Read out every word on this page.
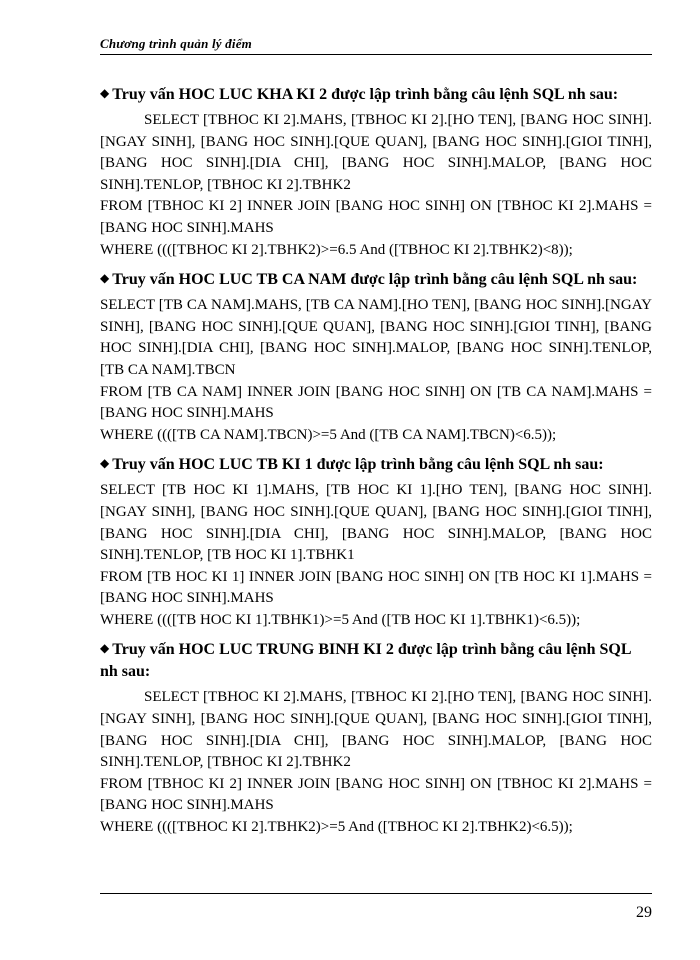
Chương trình quản lý điểm
◆ Truy vấn HOC LUC KHA KI 2 được lập trình bằng câu lệnh SQL nh sau:

SELECT [TBHOC KI 2].MAHS, [TBHOC KI 2].[HO TEN], [BANG HOC SINH].[NGAY SINH], [BANG HOC SINH].[QUE QUAN], [BANG HOC SINH].[GIOI TINH], [BANG HOC SINH].[DIA CHI], [BANG HOC SINH].MALOP, [BANG HOC SINH].TENLOP, [TBHOC KI 2].TBHK2

FROM [TBHOC KI 2] INNER JOIN [BANG HOC SINH] ON [TBHOC KI 2].MAHS = [BANG HOC SINH].MAHS

WHERE ((([TBHOC KI 2].TBHK2)>=6.5 And ([TBHOC KI 2].TBHK2)<8));

◆ Truy vấn HOC LUC TB CA NAM được lập trình bằng câu lệnh SQL nh sau:

SELECT [TB CA NAM].MAHS, [TB CA NAM].[HO TEN], [BANG HOC SINH].[NGAY SINH], [BANG HOC SINH].[QUE QUAN], [BANG HOC SINH].[GIOI TINH], [BANG HOC SINH].[DIA CHI], [BANG HOC SINH].MALOP, [BANG HOC SINH].TENLOP, [TB CA NAM].TBCN

FROM [TB CA NAM] INNER JOIN [BANG HOC SINH] ON [TB CA NAM].MAHS = [BANG HOC SINH].MAHS

WHERE ((([TB CA NAM].TBCN)>=5 And ([TB CA NAM].TBCN)<6.5));

◆ Truy vấn HOC LUC TB KI 1 được lập trình bằng câu lệnh SQL nh sau:

SELECT [TB HOC KI 1].MAHS, [TB HOC KI 1].[HO TEN], [BANG HOC SINH].[NGAY SINH], [BANG HOC SINH].[QUE QUAN], [BANG HOC SINH].[GIOI TINH], [BANG HOC SINH].[DIA CHI], [BANG HOC SINH].MALOP, [BANG HOC SINH].TENLOP, [TB HOC KI 1].TBHK1

FROM [TB HOC KI 1] INNER JOIN [BANG HOC SINH] ON [TB HOC KI 1].MAHS = [BANG HOC SINH].MAHS

WHERE ((([TB HOC KI 1].TBHK1)>=5 And ([TB HOC KI 1].TBHK1)<6.5));

◆ Truy vấn HOC LUC TRUNG BINH KI 2 được lập trình bằng câu lệnh SQL nh sau:

SELECT [TBHOC KI 2].MAHS, [TBHOC KI 2].[HO TEN], [BANG HOC SINH].[NGAY SINH], [BANG HOC SINH].[QUE QUAN], [BANG HOC SINH].[GIOI TINH], [BANG HOC SINH].[DIA CHI], [BANG HOC SINH].MALOP, [BANG HOC SINH].TENLOP, [TBHOC KI 2].TBHK2

FROM [TBHOC KI 2] INNER JOIN [BANG HOC SINH] ON [TBHOC KI 2].MAHS = [BANG HOC SINH].MAHS

WHERE ((([TBHOC KI 2].TBHK2)>=5 And ([TBHOC KI 2].TBHK2)<6.5));

29
